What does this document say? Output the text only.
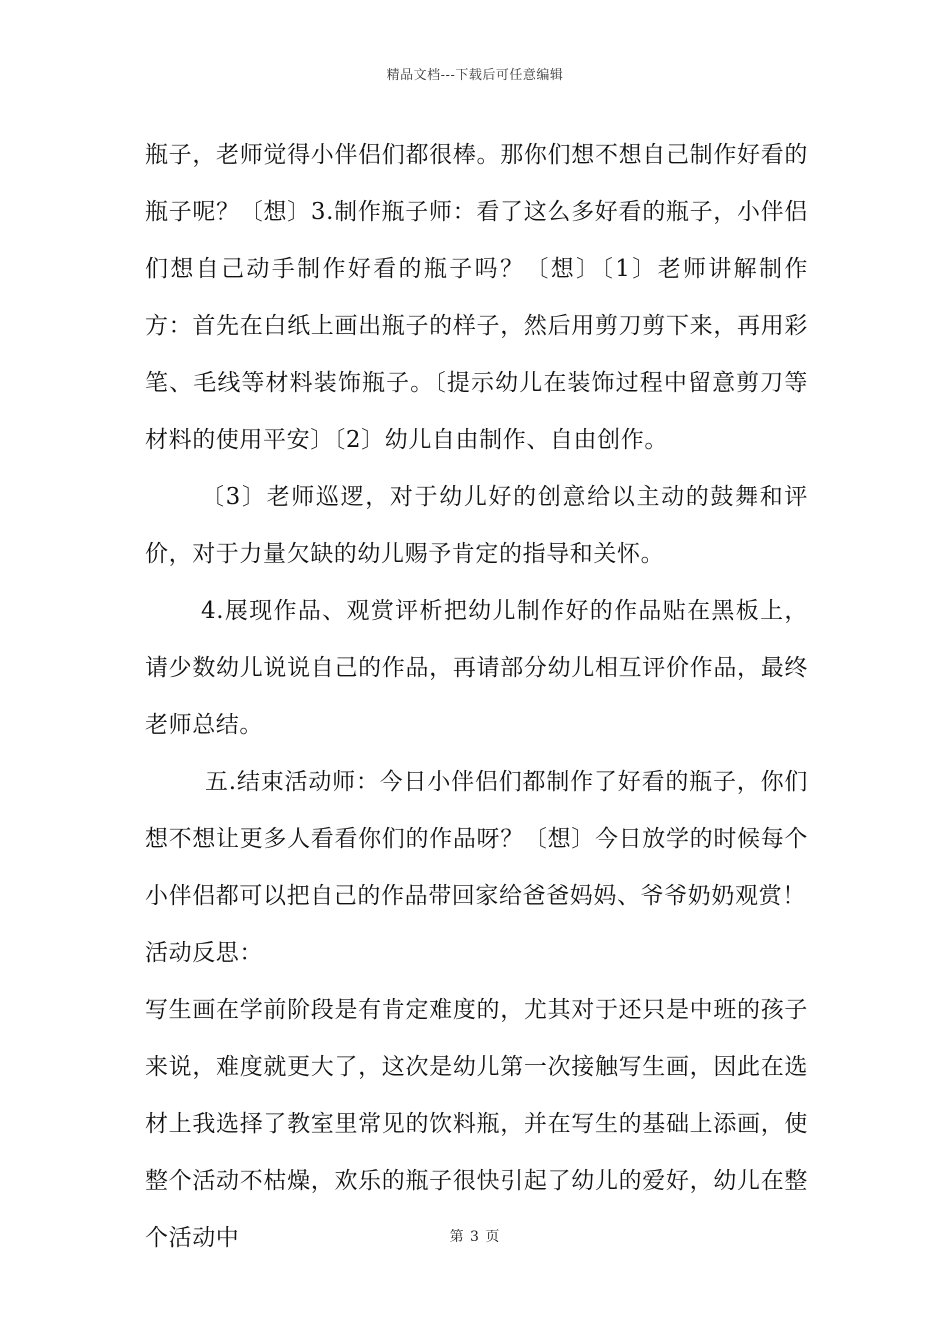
精品文档---下载后可任意编辑

瓶子，老师觉得小伴侣们都很棒。那你们想不想自己制作好看的瓶子呢？〔想〕3.制作瓶子师：看了这么多好看的瓶子，小伴侣们想自己动手制作好看的瓶子吗？〔想〕〔1〕老师讲解制作方：首先在白纸上画出瓶子的样子，然后用剪刀剪下来，再用彩笔、毛线等材料装饰瓶子。〔提示幼儿在装饰过程中留意剪刀等材料的使用平安〕〔2〕幼儿自由制作、自由创作。

〔3〕老师巡逻，对于幼儿好的创意给以主动的鼓舞和评价，对于力量欠缺的幼儿赐予肯定的指导和关怀。

4.展现作品、观赏评析把幼儿制作好的作品贴在黑板上，请少数幼儿说说自己的作品，再请部分幼儿相互评价作品，最终老师总结。

五.结束活动师：今日小伴侣们都制作了好看的瓶子，你们想不想让更多人看看你们的作品呀？〔想〕今日放学的时候每个小伴侣都可以把自己的作品带回家给爸爸妈妈、爷爷奶奶观赏！

活动反思：

写生画在学前阶段是有肯定难度的，尤其对于还只是中班的孩子来说，难度就更大了，这次是幼儿第一次接触写生画，因此在选材上我选择了教室里常见的饮料瓶，并在写生的基础上添画，使整个活动不枯燥，欢乐的瓶子很快引起了幼儿的爱好，幼儿在整个活动中	第 3 页
